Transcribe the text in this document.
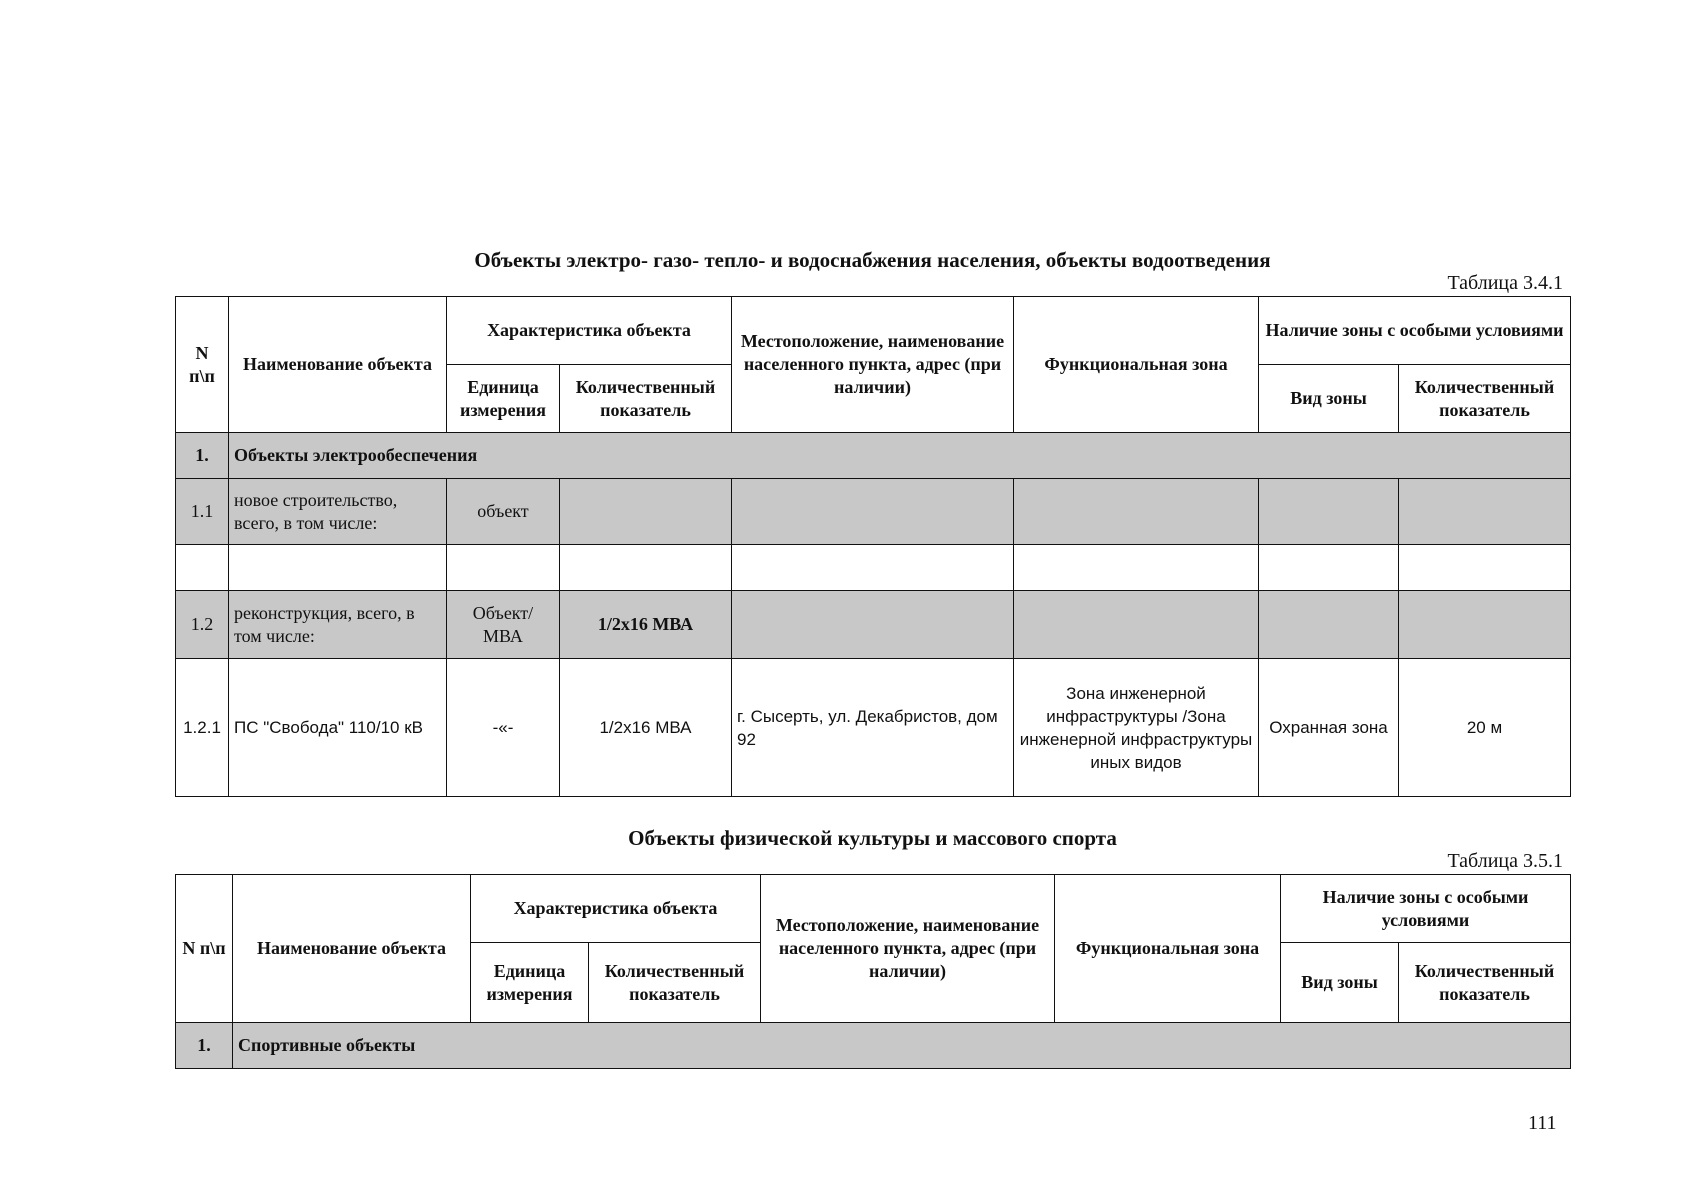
Объекты электро- газо- тепло- и водоснабжения населения, объекты водоотведения
Таблица 3.4.1
N п\п	Наименование объекта	Характеристика объекта		Местоположение, наименование населенного пункта, адрес (при наличии)	Функциональная зона	Наличие зоны с особыми условиями	
		Единица измерения	Количественный показатель			Вид зоны	Количественный показатель
1.	Объекты электрообеспечения						
1.1	новое строительство, всего, в том числе:	объект					

1.2	реконструкция, всего, в том числе:	Объект/ МВА	1/2х16 МВА				
1.2.1	ПС "Свобода" 110/10 кВ	-«-	1/2х16 МВА	г. Сысерть, ул. Декабристов, дом 92	Зона инженерной инфраструктуры /Зона инженерной инфраструктуры иных видов	Охранная зона	20 м
Объекты физической культуры и массового спорта
Таблица 3.5.1
N п\п	Наименование объекта	Характеристика объекта		Местоположение, наименование населенного пункта, адрес (при наличии)	Функциональная зона	Наличие зоны с особыми условиями	
		Единица измерения	Количественный показатель			Вид зоны	Количественный показатель
1.	Спортивные объекты						
111
